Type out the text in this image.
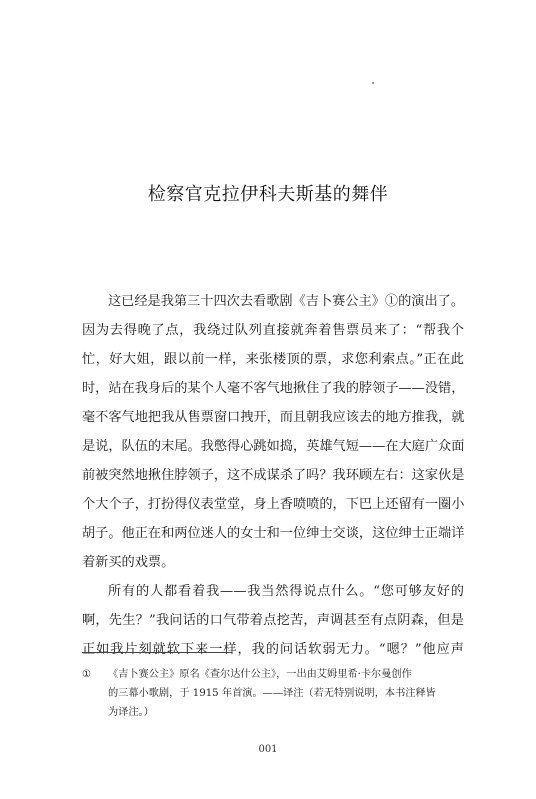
检察官克拉伊科夫斯基的舞伴
这已经是我第三十四次去看歌剧《吉卜赛公主》①的演出了。
因为去得晚了点，我绕过队列直接就奔着售票员来了：“帮我个
忙，好大姐，跟以前一样，来张楼顶的票，求您利索点。”正在此
时，站在我身后的某个人毫不客气地揪住了我的脖领子——没错，
毫不客气地把我从售票窗口拽开，而且朝我应该去的地方推我，就
是说，队伍的末尾。我憋得心跳如捣，英雄气短——在大庭广众面
前被突然地揪住脖领子，这不成谋杀了吗？我环顾左右：这家伙是
个大个子，打扮得仪表堂堂，身上香喷喷的，下巴上还留有一圈小
胡子。他正在和两位迷人的女士和一位绅士交谈，这位绅士正端详
着新买的戏票。
所有的人都看着我——我当然得说点什么。“您可够友好的
啊，先生？”我问话的口气带着点挖苦，声调甚至有点阴森，但是
正如我片刻就软下来一样，我的问话软弱无力。“嗯？”他应声
① 《吉卜赛公主》原名《查尔达什公主》，一出由艾姆里希·卡尔曼创作
的三幕小歌剧，于 1915 年首演。——译注（若无特别说明，本书注释皆
为译注。）
001
